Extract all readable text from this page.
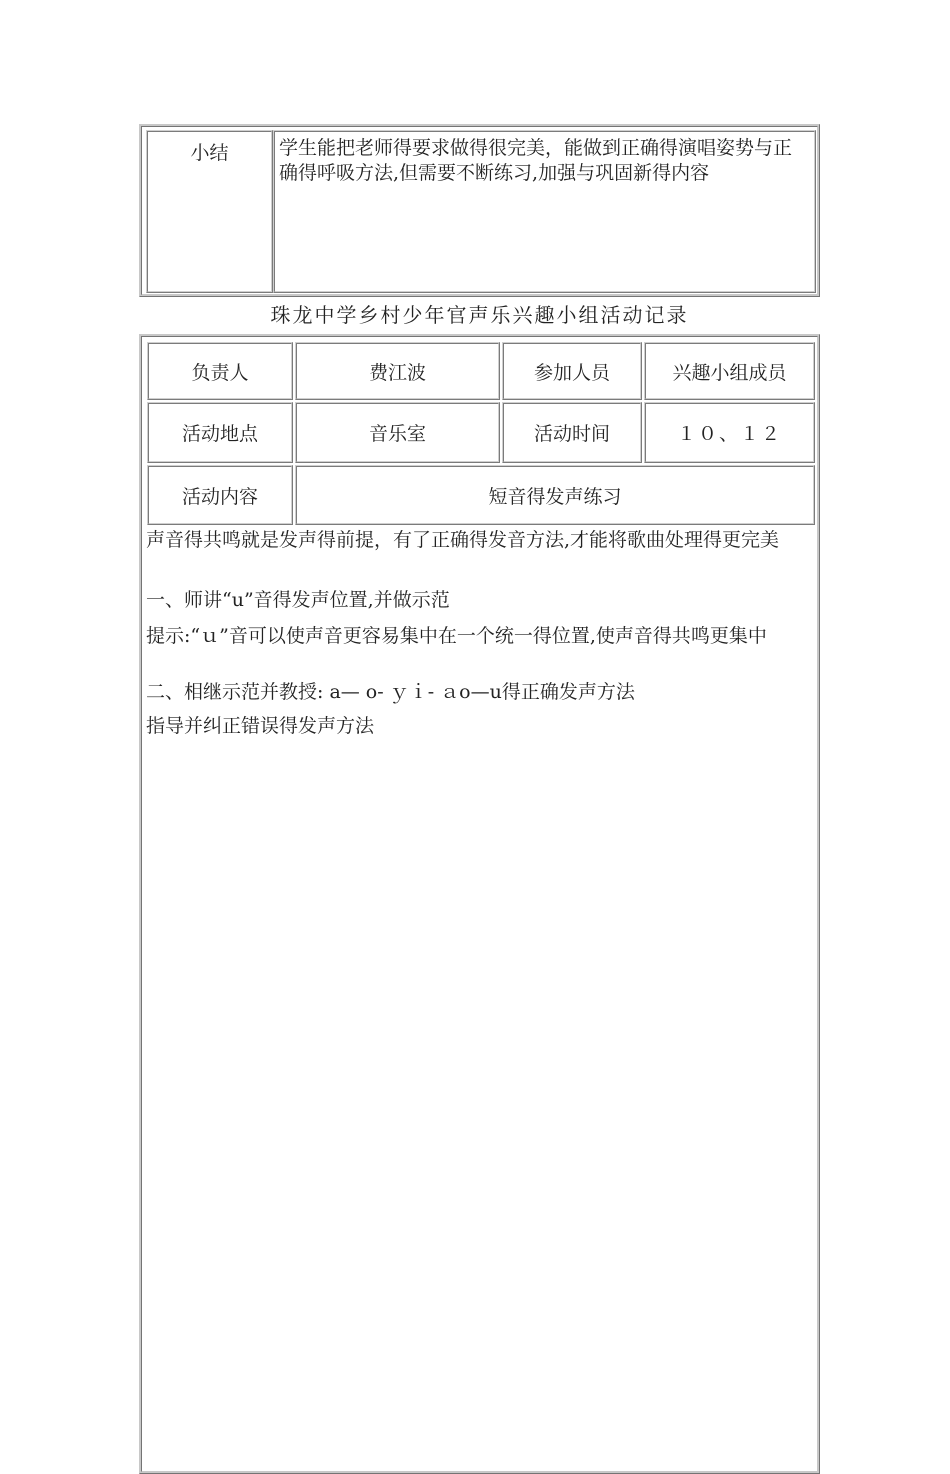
小结	学生能把老师得要求做得很完美，能做到正确得演唱姿势与正确得呼吸方法,但需要不断练习,加强与巩固新得内容
珠龙中学乡村少年官声乐兴趣小组活动记录
负责人	费江波	参加人员	兴趣小组成员
活动地点	音乐室	活动时间	１０、１２
活动内容	短音得发声练习
声音得共鸣就是发声得前提，有了正确得发音方法,才能将歌曲处理得更完美
一、师讲“u”音得发声位置,并做示范
提示:“ｕ”音可以使声音更容易集中在一个统一得位置,使声音得共鸣更集中
二、相继示范并教授: a— o- ｙｉ- ａo—u得正确发声方法
指导并纠正错误得发声方法
